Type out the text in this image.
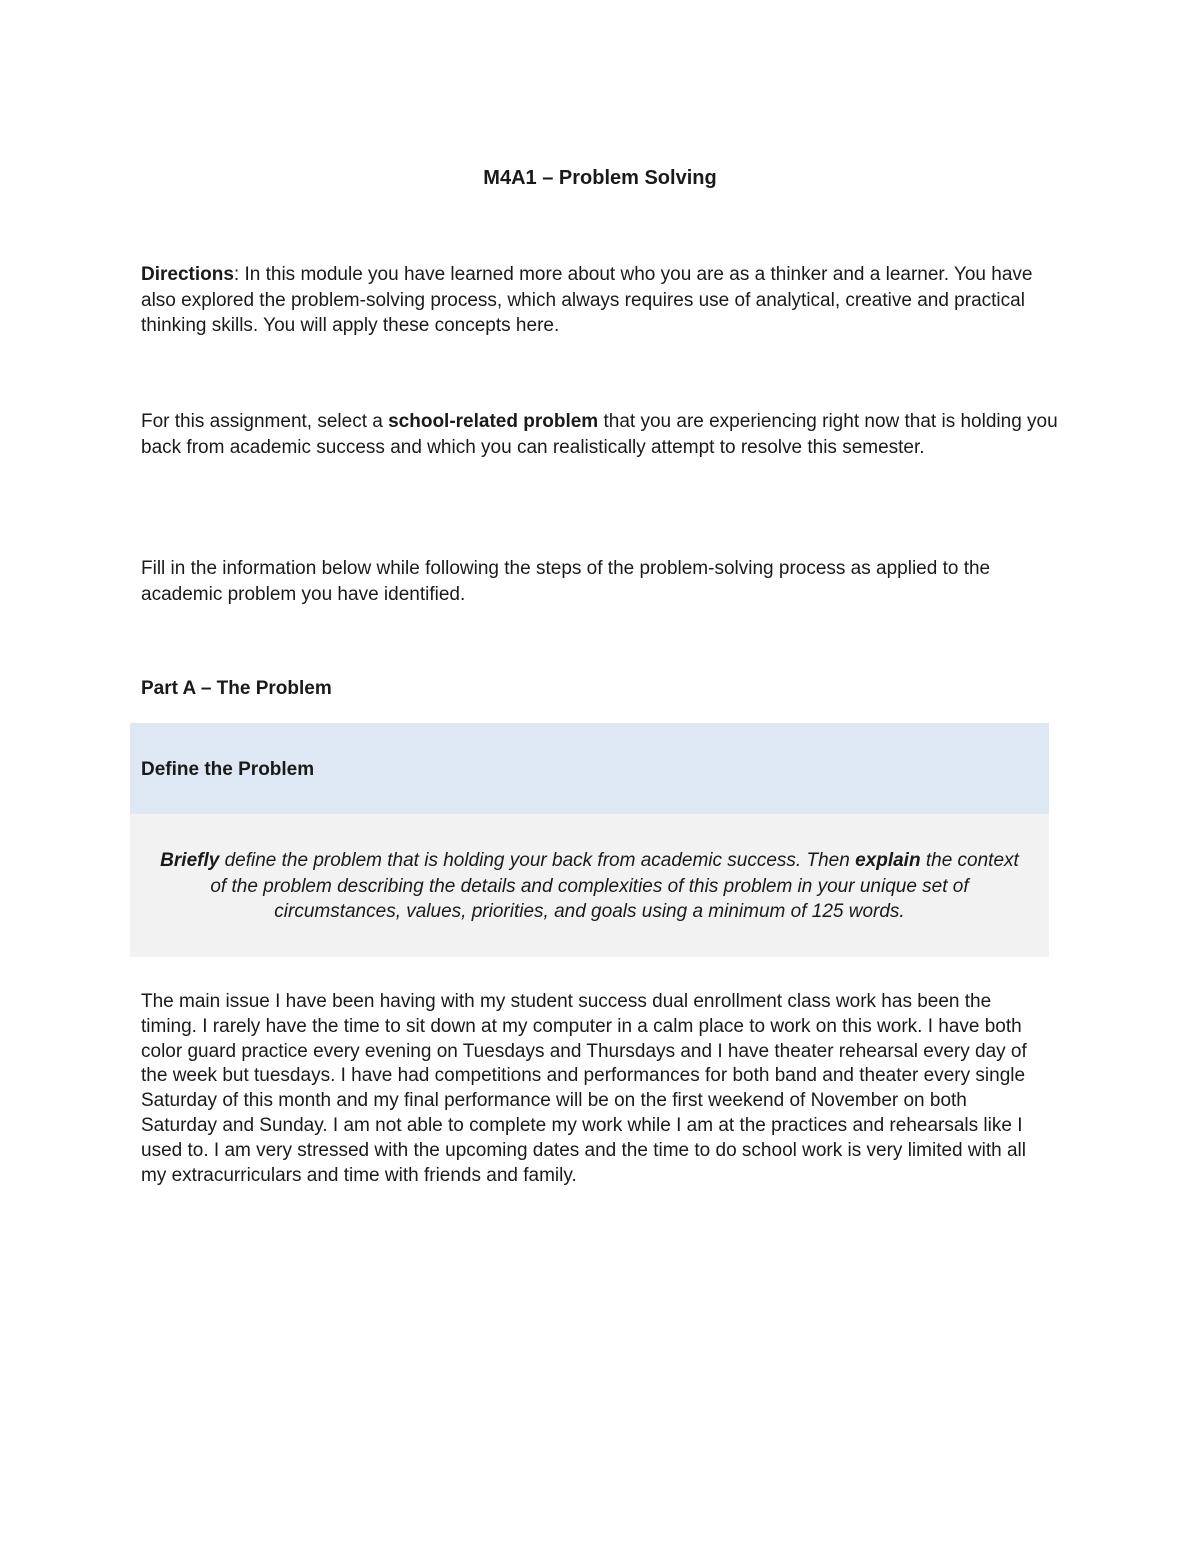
M4A1 – Problem Solving

Directions: In this module you have learned more about who you are as a thinker and a learner. You have also explored the problem-solving process, which always requires use of analytical, creative and practical thinking skills. You will apply these concepts here.

For this assignment, select a school-related problem that you are experiencing right now that is holding you back from academic success and which you can realistically attempt to resolve this semester.

Fill in the information below while following the steps of the problem-solving process as applied to the academic problem you have identified.

Part A – The Problem
Define the Problem

Briefly define the problem that is holding your back from academic success. Then explain the context of the problem describing the details and complexities of this problem in your unique set of circumstances, values, priorities, and goals using a minimum of 125 words.

The main issue I have been having with my student success dual enrollment class work has been the timing. I rarely have the time to sit down at my computer in a calm place to work on this work. I have both color guard practice every evening on Tuesdays and Thursdays and I have theater rehearsal every day of the week but tuesdays. I have had competitions and performances for both band and theater every single Saturday of this month and my final performance will be on the first weekend of November on both Saturday and Sunday. I am not able to complete my work while I am at the practices and rehearsals like I used to. I am very stressed with the upcoming dates and the time to do school work is very limited with all my extracurriculars and time with friends and family.
